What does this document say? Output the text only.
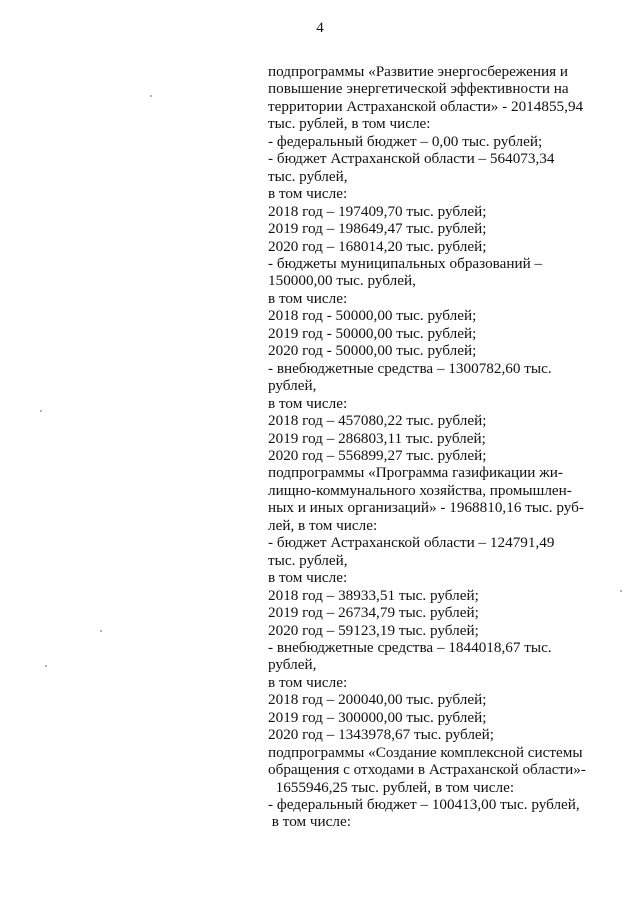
4
подпрограммы «Развитие энергосбережения и
повышение энергетической эффективности на
территории Астраханской области» - 2014855,94
тыс. рублей, в том числе:
- федеральный бюджет – 0,00 тыс. рублей;
- бюджет Астраханской области – 564073,34
тыс. рублей,
в том числе:
2018 год – 197409,70 тыс. рублей;
2019 год – 198649,47 тыс. рублей;
2020 год – 168014,20 тыс. рублей;
- бюджеты муниципальных образований –
150000,00 тыс. рублей,
в том числе:
2018 год - 50000,00 тыс. рублей;
2019 год - 50000,00 тыс. рублей;
2020 год - 50000,00 тыс. рублей;
- внебюджетные средства – 1300782,60 тыс.
рублей,
в том числе:
2018 год – 457080,22 тыс. рублей;
2019 год – 286803,11 тыс. рублей;
2020 год – 556899,27 тыс. рублей;
подпрограммы «Программа газификации жи-
лищно-коммунального хозяйства, промышлен-
ных и иных организаций» - 1968810,16 тыс. руб-
лей, в том числе:
- бюджет Астраханской области – 124791,49
тыс. рублей,
в том числе:
2018 год – 38933,51 тыс. рублей;
2019 год – 26734,79 тыс. рублей;
2020 год – 59123,19 тыс. рублей;
- внебюджетные средства – 1844018,67 тыс.
рублей,
в том числе:
2018 год – 200040,00 тыс. рублей;
2019 год – 300000,00 тыс. рублей;
2020 год – 1343978,67 тыс. рублей;
подпрограммы «Создание комплексной системы
обращения с отходами в Астраханской области»-
1655946,25 тыс. рублей, в том числе:
- федеральный бюджет – 100413,00 тыс. рублей,
в том числе:
